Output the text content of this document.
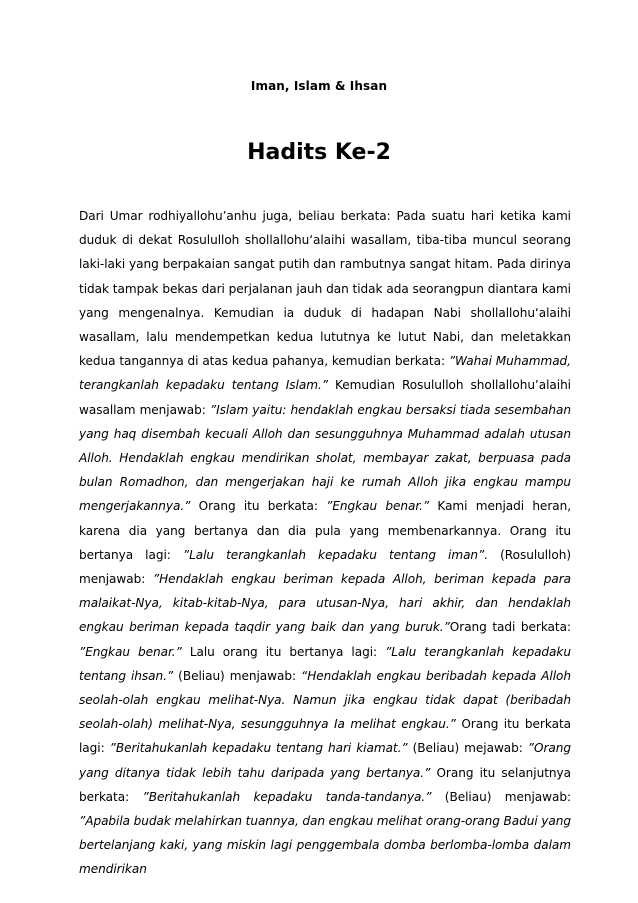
Iman, Islam & Ihsan
Hadits Ke-2

Dari Umar rodhiyallohu’anhu juga, beliau berkata: Pada suatu hari ketika kami duduk di dekat Rosululloh shollallohu‘alaihi wasallam, tiba-tiba muncul seorang laki-laki yang berpakaian sangat putih dan rambutnya sangat hitam. Pada dirinya tidak tampak bekas dari perjalanan jauh dan tidak ada seorangpun diantara kami yang mengenalnya. Kemudian ia duduk di hadapan Nabi shollallohu‘alaihi wasallam, lalu mendempetkan kedua lututnya ke lutut Nabi, dan meletakkan kedua tangannya di atas kedua pahanya, kemudian berkata: ”Wahai Muhammad, terangkanlah kepadaku tentang Islam.” Kemudian Rosululloh shollallohu’alaihi wasallam menjawab: ”Islam yaitu: hendaklah engkau bersaksi tiada sesembahan yang haq disembah kecuali Alloh dan sesungguhnya Muhammad adalah utusan Alloh. Hendaklah engkau mendirikan sholat, membayar zakat, berpuasa pada bulan Romadhon, dan mengerjakan haji ke rumah Alloh jika engkau mampu mengerjakannya.” Orang itu berkata: ”Engkau benar.” Kami menjadi heran, karena dia yang bertanya dan dia pula yang membenarkannya. Orang itu bertanya lagi: ”Lalu terangkanlah kepadaku tentang iman”. (Rosululloh) menjawab: ”Hendaklah engkau beriman kepada Alloh, beriman kepada para malaikat-Nya, kitab-kitab-Nya, para utusan-Nya, hari akhir, dan hendaklah engkau beriman kepada taqdir yang baik dan yang buruk.”Orang tadi berkata: ”Engkau benar.” Lalu orang itu bertanya lagi: ”Lalu terangkanlah kepadaku tentang ihsan.” (Beliau) menjawab: “Hendaklah engkau beribadah kepada Alloh seolah-olah engkau melihat-Nya. Namun jika engkau tidak dapat (beribadah seolah-olah) melihat-Nya, sesungguhnya Ia melihat engkau.” Orang itu berkata lagi: ”Beritahukanlah kepadaku tentang hari kiamat.” (Beliau) mejawab: ”Orang yang ditanya tidak lebih tahu daripada yang bertanya.” Orang itu selanjutnya berkata: ”Beritahukanlah kepadaku tanda-tandanya.” (Beliau) menjawab: ”Apabila budak melahirkan tuannya, dan engkau melihat orang-orang Badui yang bertelanjang kaki, yang miskin lagi penggembala domba berlomba-lomba dalam mendirikan
